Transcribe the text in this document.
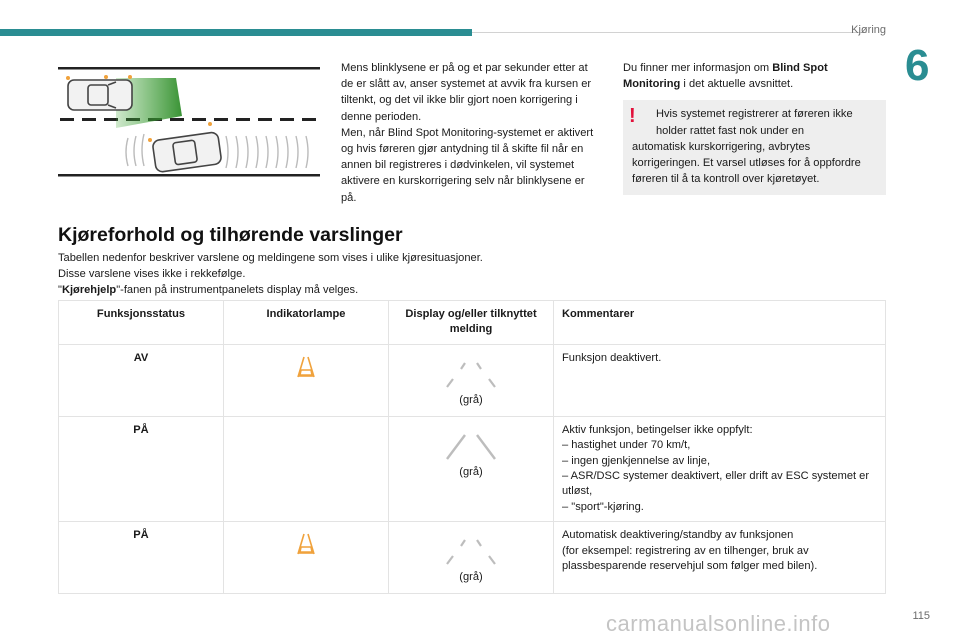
Kjøring
6

Mens blinklysene er på og et par sekunder etter at de er slått av, anser systemet at avvik fra kursen er tiltenkt, og det vil ikke blir gjort noen korrigering i denne perioden.

Men, når Blind Spot Monitoring-systemet er aktivert og hvis føreren gjør antydning til å skifte fil når en annen bil registreres i dødvinkelen, vil systemet aktivere en kurskorrigering selv når blinklysene er på.

Du finner mer informasjon om Blind Spot Monitoring i det aktuelle avsnittet.

!	Hvis systemet registrerer at føreren ikke holder rattet fast nok under en
automatisk kurskorrigering, avbrytes korrigeringen. Et varsel utløses for å oppfordre føreren til å ta kontroll over kjøretøyet.
Kjøreforhold og tilhørende varslinger

Tabellen nedenfor beskriver varslene og meldingene som vises i ulike kjøresituasjoner.

Disse varslene vises ikke i rekkefølge.

"Kjørehjelp"-fanen på instrumentpanelets display må velges.

Funksjonsstatus	Indikatorlampe	Display og/eller tilknyttet melding	Kommentarer
AV		(grå)	Funksjon deaktivert.
PÅ		(grå)	Aktiv funksjon, betingelser ikke oppfylt:
– hastighet under 70 km/t,
– ingen gjenkjennelse av linje,
– ASR/DSC systemer deaktivert, eller drift av ESC systemet er utløst,
– "sport"-kjøring.

PÅ		(grå)	Automatisk deaktivering/standby av funksjonen
(for eksempel: registrering av en tilhenger, bruk av plassbesparende reservehjul som følger med bilen).
carmanualsonline.info	115
